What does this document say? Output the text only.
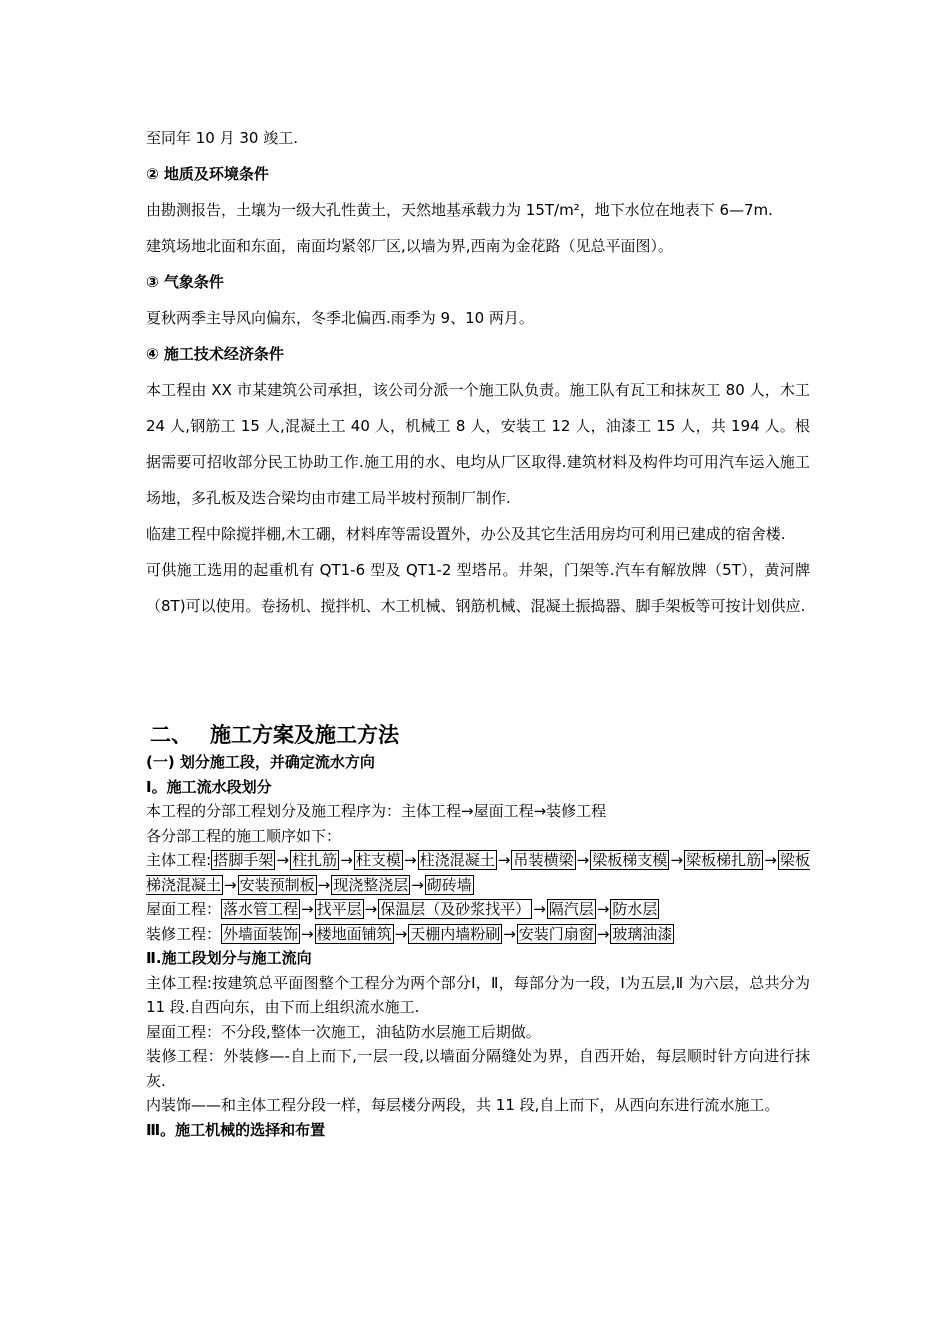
至同年 10 月 30 竣工.

② 地质及环境条件

由勘测报告，土壤为一级大孔性黄土，天然地基承载力为 15T/m²，地下水位在地表下 6—7m.

建筑场地北面和东面，南面均紧邻厂区,以墙为界,西南为金花路（见总平面图）。

③ 气象条件

夏秋两季主导风向偏东，冬季北偏西.雨季为 9、10 两月。

④ 施工技术经济条件

本工程由 XX 市某建筑公司承担，该公司分派一个施工队负责。施工队有瓦工和抹灰工 80 人，木工 24 人,钢筋工 15 人,混凝土工 40 人，机械工 8 人，安装工 12 人，油漆工 15 人，共 194 人。根据需要可招收部分民工协助工作.施工用的水、电均从厂区取得.建筑材料及构件均可用汽车运入施工场地，多孔板及迭合梁均由市建工局半坡村预制厂制作.

临建工程中除搅拌棚,木工硼，材料库等需设置外，办公及其它生活用房均可利用已建成的宿舍楼.

可供施工选用的起重机有 QT1-6 型及 QT1-2 型塔吊。井架，门架等.汽车有解放牌（5T），黄河牌（8T)可以使用。卷扬机、搅拌机、木工机械、钢筋机械、混凝土振捣器、脚手架板等可按计划供应.

二、 施工方案及施工方法

(一) 划分施工段，并确定流水方向

Ⅰ。施工流水段划分

本工程的分部工程划分及施工程序为：主体工程→屋面工程→装修工程

各分部工程的施工顺序如下：

主体工程: 搭脚手架 → 柱扎筋 → 柱支模 → 柱浇混凝土 → 吊装横梁 → 梁板梯支模 → 梁板梯扎筋 → 梁板梯浇混凝土 → 安装预制板 → 现浇整浇层 → 砌砖墙

屋面工程： 落水管工程 → 找平层 → 保温层（及砂浆找平） → 隔汽层 → 防水层

装修工程： 外墙面装饰 → 楼地面铺筑 → 天棚内墙粉刷 → 安装门扇窗 → 玻璃油漆

Ⅱ.施工段划分与施工流向

主体工程:按建筑总平面图整个工程分为两个部分Ⅰ，Ⅱ，每部分为一段，Ⅰ为五层,Ⅱ 为六层，总共分为 11 段.自西向东，由下而上组织流水施工.

屋面工程：不分段,整体一次施工，油毡防水层施工后期做。

装修工程：外装修—-自上而下,一层一段,以墙面分隔缝处为界，自西开始，每层顺时针方向进行抹灰.

内装饰——和主体工程分段一样，每层楼分两段，共 11 段,自上而下，从西向东进行流水施工。

Ⅲ。施工机械的选择和布置
